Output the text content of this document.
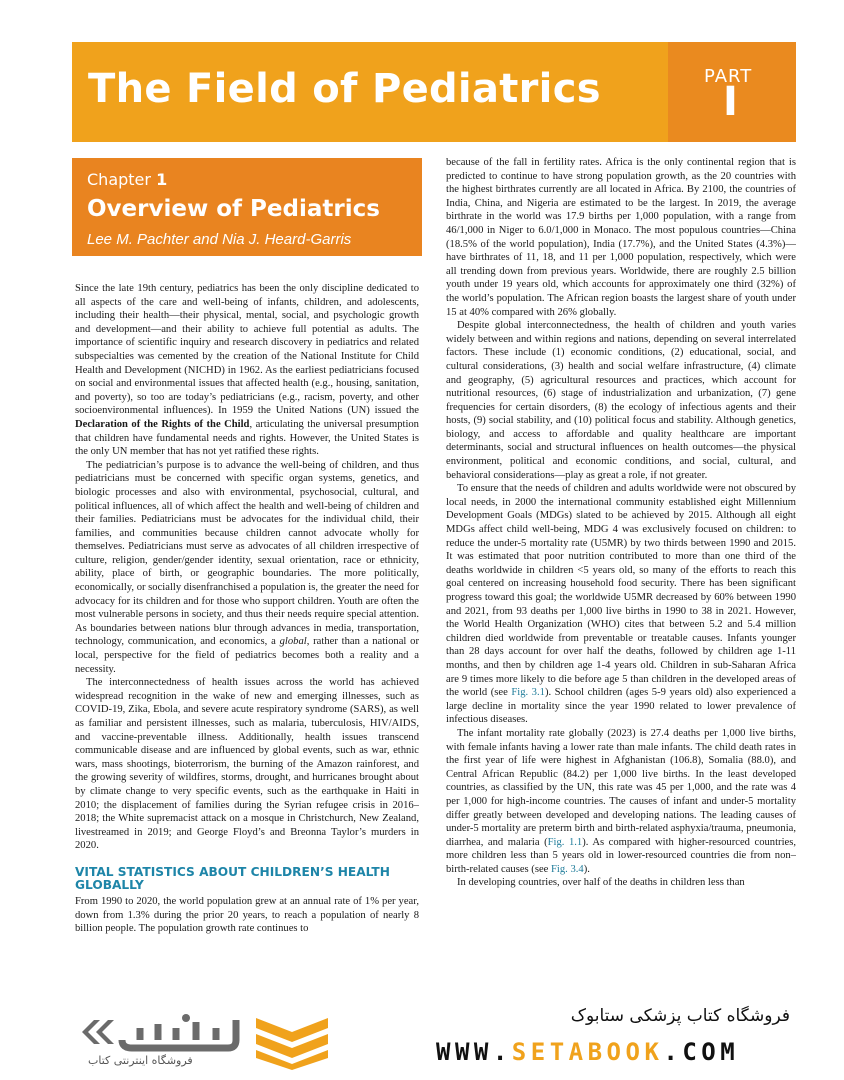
The Field of Pediatrics	PART
I
Chapter 1
Overview of Pediatrics
Lee M. Pachter and Nia J. Heard-Garris

Since the late 19th century, pediatrics has been the only discipline dedicated to all aspects of the care and well-being of infants, children, and adolescents, including their health—their physical, mental, social, and psychologic growth and development—and their ability to achieve full potential as adults. The importance of scientific inquiry and research discovery in pediatrics and related subspecialties was cemented by the creation of the National Institute for Child Health and Development (NICHD) in 1962. As the earliest pediatricians focused on social and environmental issues that affected health (e.g., housing, sanitation, and poverty), so too are today’s pediatricians (e.g., racism, poverty, and other socioenvironmental influences). In 1959 the United Nations (UN) issued the Declaration of the Rights of the Child, articulating the universal presumption that children have fundamental needs and rights. However, the United States is the only UN member that has not yet ratified these rights.

The pediatrician’s purpose is to advance the well-being of children, and thus pediatricians must be concerned with specific organ systems, genetics, and biologic processes and also with environmental, psychosocial, cultural, and political influences, all of which affect the health and well-being of children and their families. Pediatricians must be advocates for the individual child, their families, and communities because children cannot advocate wholly for themselves. Pediatricians must serve as advocates of all children irrespective of culture, religion, gender/gender identity, sexual orientation, race or ethnicity, ability, place of birth, or geographic boundaries. The more politically, economically, or socially disenfranchised a population is, the greater the need for advocacy for its children and for those who support children. Youth are often the most vulnerable persons in society, and thus their needs require special attention. As boundaries between nations blur through advances in media, transportation, technology, communication, and economics, a global, rather than a national or local, perspective for the field of pediatrics becomes both a reality and a necessity.

The interconnectedness of health issues across the world has achieved widespread recognition in the wake of new and emerging illnesses, such as COVID-19, Zika, Ebola, and severe acute respiratory syndrome (SARS), as well as familiar and persistent illnesses, such as malaria, tuberculosis, HIV/AIDS, and vaccine-preventable illness. Additionally, health issues transcend communicable disease and are influenced by global events, such as war, ethnic wars, mass shootings, bioterrorism, the burning of the Amazon rainforest, and the growing severity of wildfires, storms, drought, and hurricanes brought about by climate change to very specific events, such as the earthquake in Haiti in 2010; the displacement of families during the Syrian refugee crisis in 2016–2018; the White supremacist attack on a mosque in Christchurch, New Zealand, livestreamed in 2019; and George Floyd’s and Breonna Taylor’s murders in 2020.

VITAL STATISTICS ABOUT CHILDREN’S HEALTH GLOBALLY

From 1990 to 2020, the world population grew at an annual rate of 1% per year, down from 1.3% during the prior 20 years, to reach a population of nearly 8 billion people. The population growth rate continues to

because of the fall in fertility rates. Africa is the only continental region that is predicted to continue to have strong population growth, as the 20 countries with the highest birthrates currently are all located in Africa. By 2100, the countries of India, China, and Nigeria are estimated to be the largest. In 2019, the average birthrate in the world was 17.9 births per 1,000 population, with a range from 46/1,000 in Niger to 6.0/1,000 in Monaco. The most populous countries—China (18.5% of the world population), India (17.7%), and the United States (4.3%)—have birthrates of 11, 18, and 11 per 1,000 population, respectively, which were all trending down from previous years. Worldwide, there are roughly 2.5 billion youth under 19 years old, which accounts for approximately one third (32%) of the world’s population. The African region boasts the largest share of youth under 15 at 40% compared with 26% globally.

Despite global interconnectedness, the health of children and youth varies widely between and within regions and nations, depending on several interrelated factors. These include (1) economic conditions, (2) educational, social, and cultural considerations, (3) health and social welfare infrastructure, (4) climate and geography, (5) agricultural resources and practices, which account for nutritional resources, (6) stage of industrialization and urbanization, (7) gene frequencies for certain disorders, (8) the ecology of infectious agents and their hosts, (9) social stability, and (10) political focus and stability. Although genetics, biology, and access to affordable and quality healthcare are important determinants, social and structural influences on health outcomes—the physical environment, political and economic conditions, and social, cultural, and behavioral considerations—play as great a role, if not greater.

To ensure that the needs of children and adults worldwide were not obscured by local needs, in 2000 the international community established eight Millennium Development Goals (MDGs) slated to be achieved by 2015. Although all eight MDGs affect child well-being, MDG 4 was exclusively focused on children: to reduce the under-5 mortality rate (U5MR) by two thirds between 1990 and 2015. It was estimated that poor nutrition contributed to more than one third of the deaths worldwide in children <5 years old, so many of the efforts to reach this goal centered on increasing household food security. There has been significant progress toward this goal; the worldwide U5MR decreased by 60% between 1990 and 2021, from 93 deaths per 1,000 live births in 1990 to 38 in 2021. However, the World Health Organization (WHO) cites that between 5.2 and 5.4 million children died worldwide from preventable or treatable causes. Infants younger than 28 days account for over half the deaths, followed by children age 1-11 months, and then by children age 1-4 years old. Children in sub-Saharan Africa are 9 times more likely to die before age 5 than children in the developed areas of the world (see Fig. 3.1). School children (ages 5-9 years old) also experienced a large decline in mortality since the year 1990 related to lower prevalence of infectious diseases.

The infant mortality rate globally (2023) is 27.4 deaths per 1,000 live births, with female infants having a lower rate than male infants. The child death rates in the first year of life were highest in Afghanistan (106.8), Somalia (88.0), and Central African Republic (84.2) per 1,000 live births. In the least developed countries, as classified by the UN, this rate was 45 per 1,000, and the rate was 4 per 1,000 for high-income countries. The causes of infant and under-5 mortality differ greatly between developed and developing nations. The leading causes of under-5 mortality are preterm birth and birth-related asphyxia/trauma, pneumonia, diarrhea, and malaria (Fig. 1.1). As compared with higher-resourced countries, more children less than 5 years old in lower-resourced countries die from non–birth-related causes (see Fig. 3.4).

In developing countries, over half of the deaths in children less than

فروشگاه اینترنتی کتاب
فروشگاه کتاب پزشکی ستابوک
WWW.SETABOOK.COM
